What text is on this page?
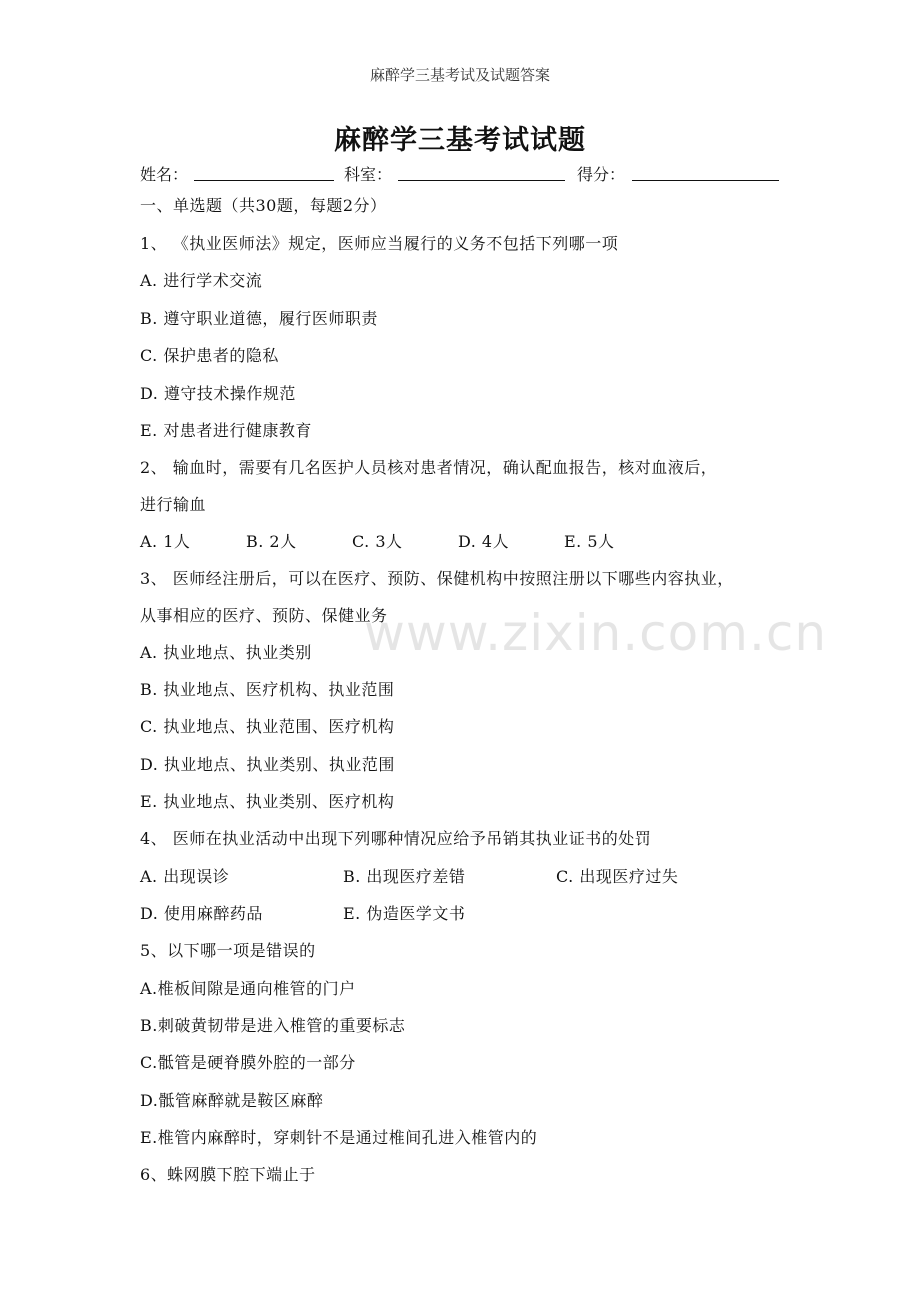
麻醉学三基考试及试题答案
麻醉学三基考试试题
姓名：	科室：	得分：
www.zixin.com.cn
一、单选题（共30题，每题2分）
1、 《执业医师法》规定，医师应当履行的义务不包括下列哪一项
A. 进行学术交流
B. 遵守职业道德，履行医师职责
C. 保护患者的隐私
D. 遵守技术操作规范
E. 对患者进行健康教育
2、 输血时，需要有几名医护人员核对患者情况，确认配血报告，核对血液后，
进行输血
A. 1人	B. 2人	C. 3人	D. 4人	E. 5人
3、 医师经注册后，可以在医疗、预防、保健机构中按照注册以下哪些内容执业，
从事相应的医疗、预防、保健业务
A. 执业地点、执业类别
B. 执业地点、医疗机构、执业范围
C. 执业地点、执业范围、医疗机构
D. 执业地点、执业类别、执业范围
E. 执业地点、执业类别、医疗机构
4、 医师在执业活动中出现下列哪种情况应给予吊销其执业证书的处罚
A. 出现误诊	B. 出现医疗差错	C. 出现医疗过失
D. 使用麻醉药品	E. 伪造医学文书
5、以下哪一项是错误的
A.椎板间隙是通向椎管的门户
B.刺破黄韧带是进入椎管的重要标志
C.骶管是硬脊膜外腔的一部分
D.骶管麻醉就是鞍区麻醉
E.椎管内麻醉时，穿刺针不是通过椎间孔进入椎管内的
6、蛛网膜下腔下端止于
